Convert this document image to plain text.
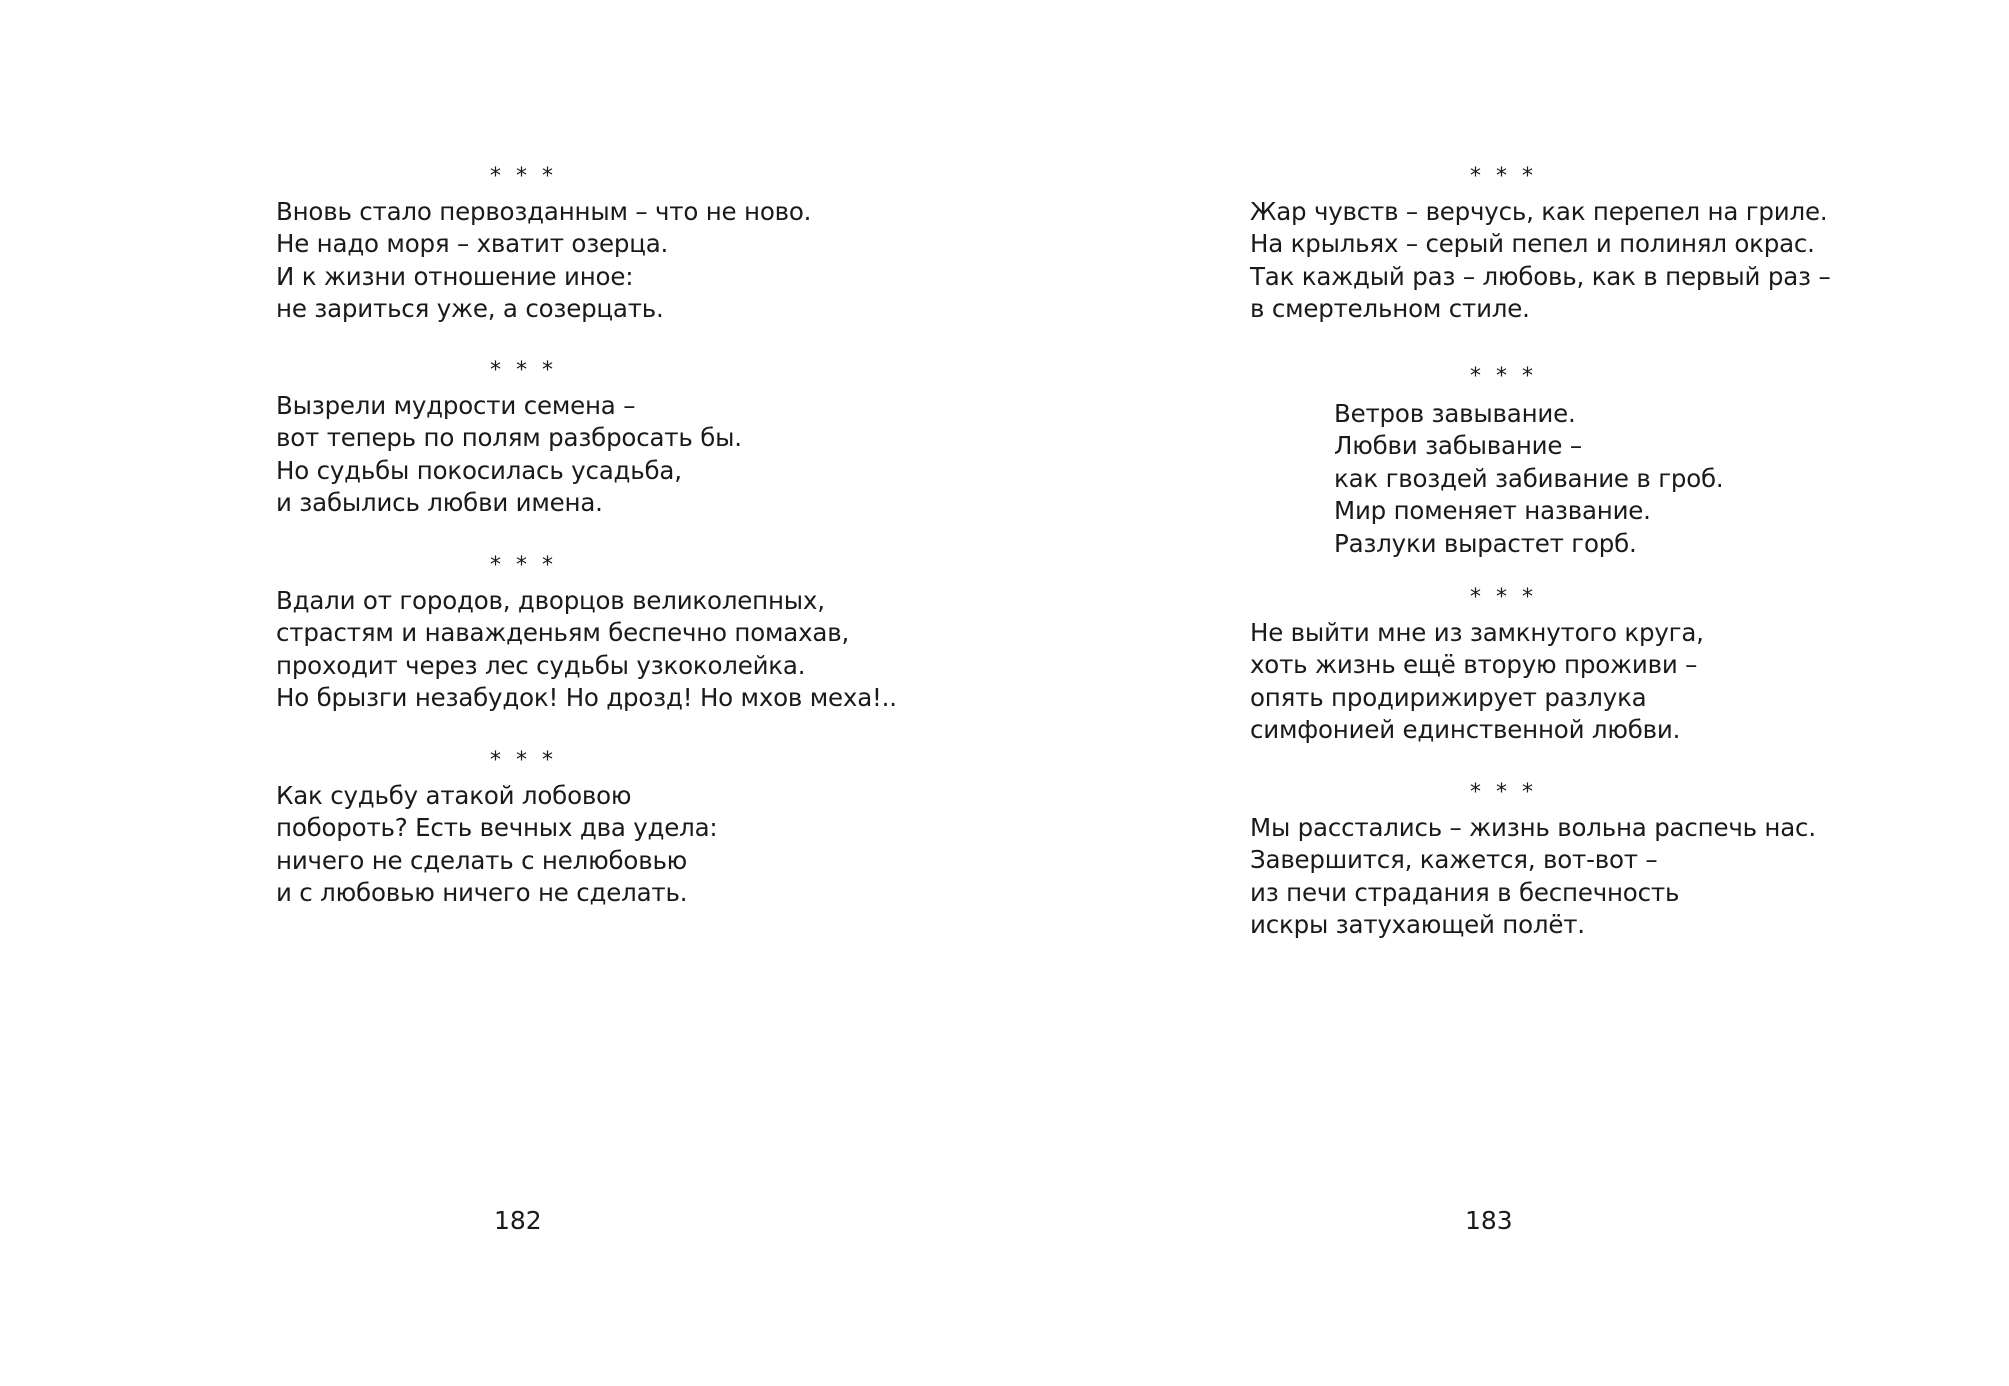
* * *
Вновь стало первозданным – что не ново.
Не надо моря – хватит озерца.
И к жизни отношение иное:
не зариться уже, а созерцать.
* * *
Вызрели мудрости семена –
вот теперь по полям разбросать бы.
Но судьбы покосилась усадьба,
и забылись любви имена.
* * *
Вдали от городов, дворцов великолепных,
страстям и наважденьям беспечно помахав,
проходит через лес судьбы узкоколейка.
Но брызги незабудок! Но дрозд! Но мхов меха!..
* * *
Как судьбу атакой лобовою
побороть? Есть вечных два удела:
ничего не сделать с нелюбовью
и с любовью ничего не сделать.
182
* * *
Жар чувств – верчусь, как перепел на гриле.
На крыльях – серый пепел и полинял окрас.
Так каждый раз – любовь, как в первый раз –
в смертельном стиле.
* * *
Ветров завывание.
Любви забывание –
как гвоздей забивание в гроб.
Мир поменяет название.
Разлуки вырастет горб.
* * *
Не выйти мне из замкнутого круга,
хоть жизнь ещё вторую проживи –
опять продирижирует разлука
симфонией единственной любви.
* * *
Мы расстались – жизнь вольна распечь нас.
Завершится, кажется, вот-вот –
из печи страдания в беспечность
искры затухающей полёт.
183
